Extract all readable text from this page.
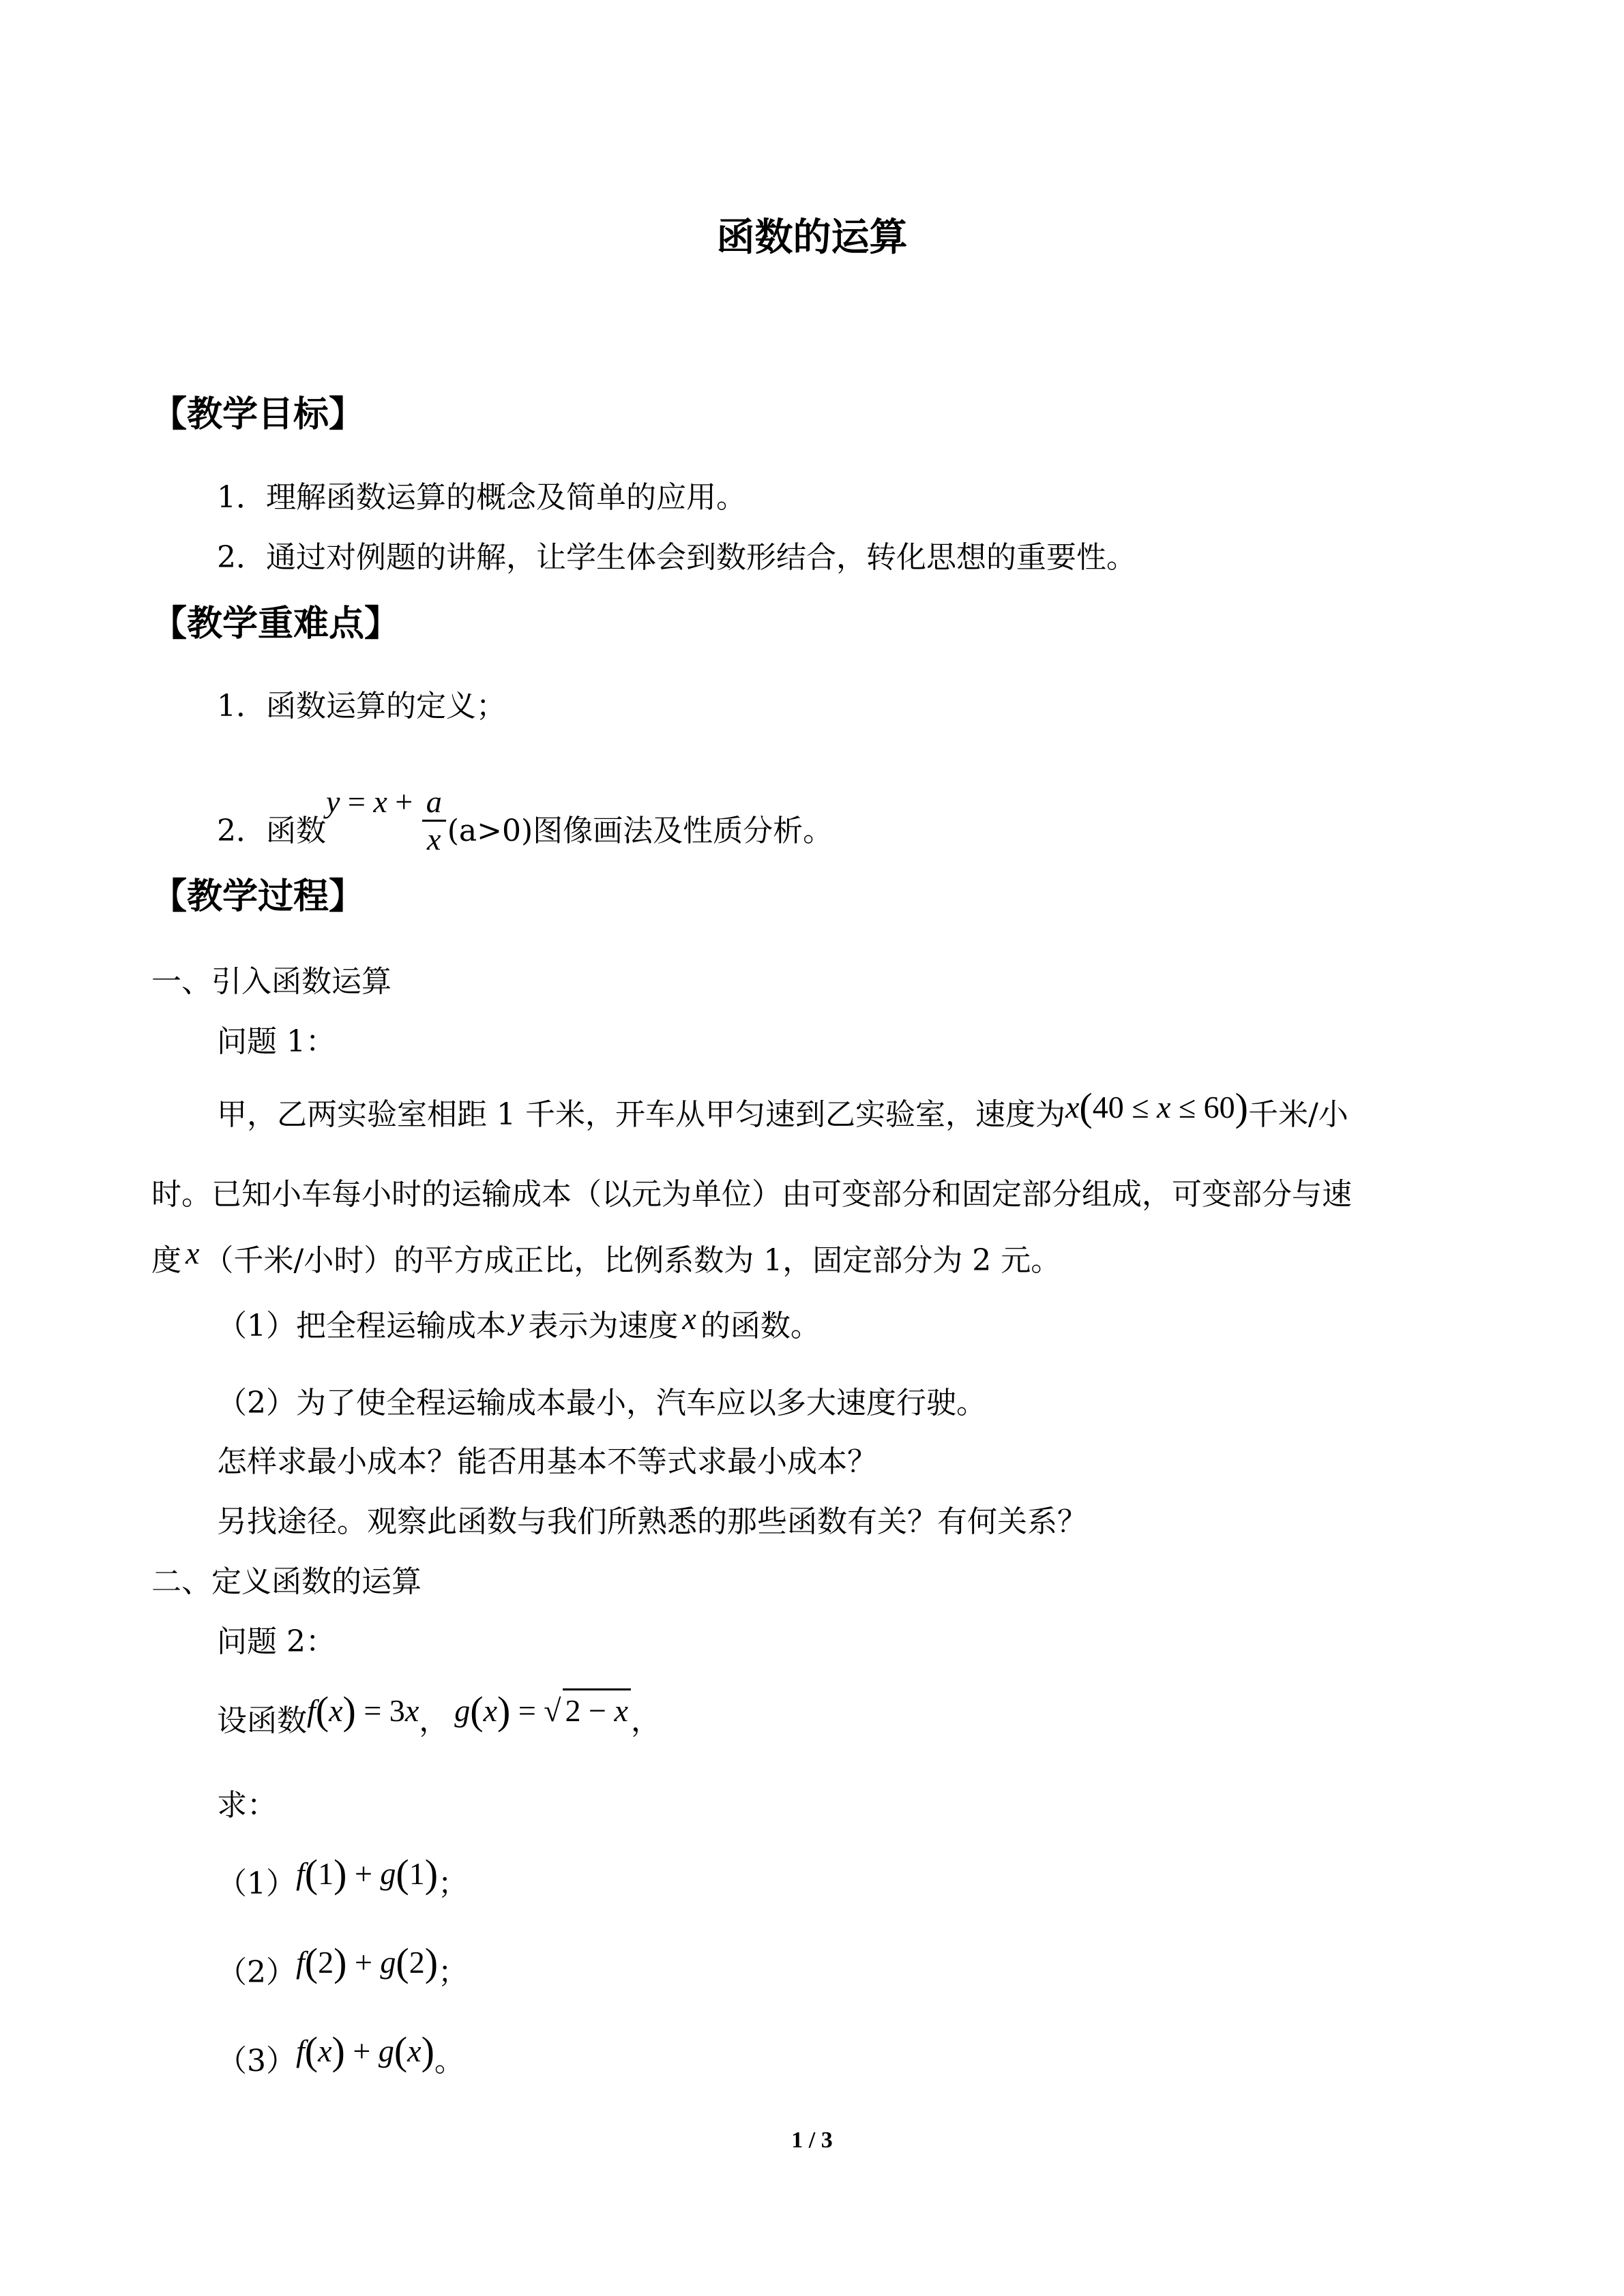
函数的运算
【教学目标】
1．理解函数运算的概念及简单的应用。
2．通过对例题的讲解，让学生体会到数形结合，转化思想的重要性。
【教学重难点】
1．函数运算的定义；
2．函数$y = x + \frac{a}{x} (a>0)$图像画法及性质分析。
【教学过程】
一、引入函数运算
问题 1：
甲，乙两实验室相距 1 千米，开车从甲匀速到乙实验室，速度为x(40 ≤ x ≤ 60)千米/小
时。已知小车每小时的运输成本（以元为单位）由可变部分和固定部分组成，可变部分与速
度 x （千米/小时）的平方成正比，比例系数为 1，固定部分为 2 元。
（1）把全程运输成本 y 表示为速度 x 的函数。
（2）为了使全程运输成本最小，汽车应以多大速度行驶。
怎样求最小成本？能否用基本不等式求最小成本？
另找途径。观察此函数与我们所熟悉的那些函数有关？有何关系？
二、定义函数的运算
问题 2：
设函数f(x) = 3x， g(x) = √ 2 − x，
求：
（1）f(1) + g(1)；
（2）f(2) + g(2)；
（3）f(x) + g(x)。
1 / 3
